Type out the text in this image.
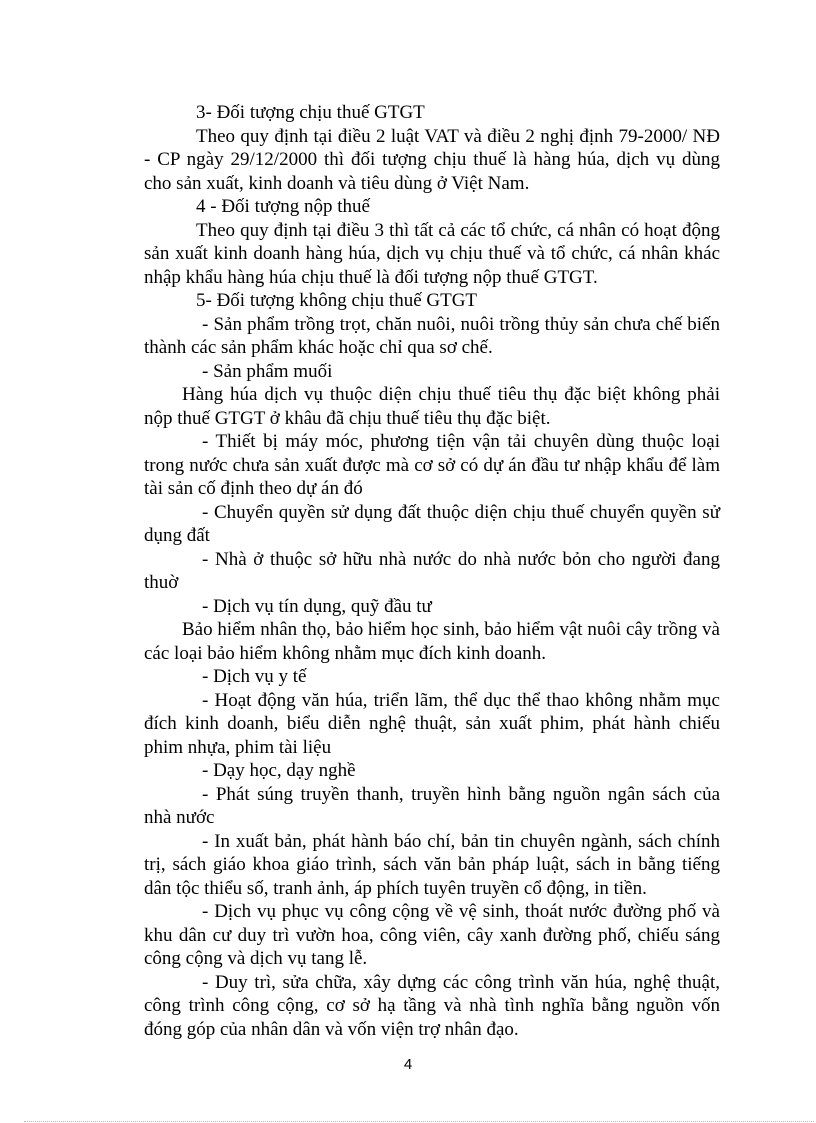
3- Đối tượng chịu thuế GTGT

Theo quy định tại điều 2 luật VAT và điều 2 nghị định 79-2000/ NĐ - CP ngày 29/12/2000 thì đối tượng chịu thuế là hàng húa, dịch vụ dùng cho sản xuất, kinh doanh và tiêu dùng ở Việt Nam.

4 - Đối tượng nộp thuế

Theo quy định tại điều 3 thì tất cả các tổ chức, cá nhân có hoạt động sản xuất kinh doanh hàng húa, dịch vụ chịu thuế và tổ chức, cá nhân khác nhập khẩu hàng húa chịu thuế là đối tượng nộp thuế GTGT.

5- Đối tượng không chịu thuế GTGT

- Sản phẩm trồng trọt, chăn nuôi, nuôi trồng thủy sản chưa chế biến thành các sản phẩm khác hoặc chỉ qua sơ chế.

- Sản phẩm muối

Hàng húa dịch vụ thuộc diện chịu thuế tiêu thụ đặc biệt không phải nộp thuế GTGT ở khâu đã chịu thuế tiêu thụ đặc biệt.

- Thiết bị máy móc, phương tiện vận tải chuyên dùng thuộc loại trong nước chưa sản xuất được mà cơ sở có dự án đầu tư nhập khẩu để làm tài sản cố định theo dự án đó

- Chuyển quyền sử dụng đất thuộc diện chịu thuế chuyển quyền sử dụng đất

- Nhà ở thuộc sở hữu nhà nước do nhà nước bỏn cho người đang thuờ

- Dịch vụ tín dụng, quỹ đầu tư

Bảo hiểm nhân thọ, bảo hiểm học sinh, bảo hiểm vật nuôi cây trồng và các loại bảo hiểm không nhằm mục đích kinh doanh.

- Dịch vụ y tế

- Hoạt động văn húa, triển lãm, thể dục thể thao không nhằm mục đích kinh doanh, biểu diễn nghệ thuật, sản xuất phim, phát hành chiếu phim nhựa, phim tài liệu

- Dạy học, dạy nghề

- Phát súng truyền thanh, truyền hình bằng nguồn ngân sách của nhà nước

- In xuất bản, phát hành báo chí, bản tin chuyên ngành, sách chính trị, sách giáo khoa giáo trình, sách văn bản pháp luật, sách in bằng tiếng dân tộc thiểu số, tranh ảnh, áp phích tuyên truyền cổ động, in tiền.

- Dịch vụ phục vụ công cộng về vệ sinh, thoát nước đường phố và khu dân cư duy trì vườn hoa, công viên, cây xanh đường phố, chiếu sáng công cộng và dịch vụ tang lễ.

- Duy trì, sửa chữa, xây dựng các công trình văn húa, nghệ thuật, công trình công cộng, cơ sở hạ tầng và nhà tình nghĩa bằng nguồn vốn đóng góp của nhân dân và vốn viện trợ nhân đạo.

4
